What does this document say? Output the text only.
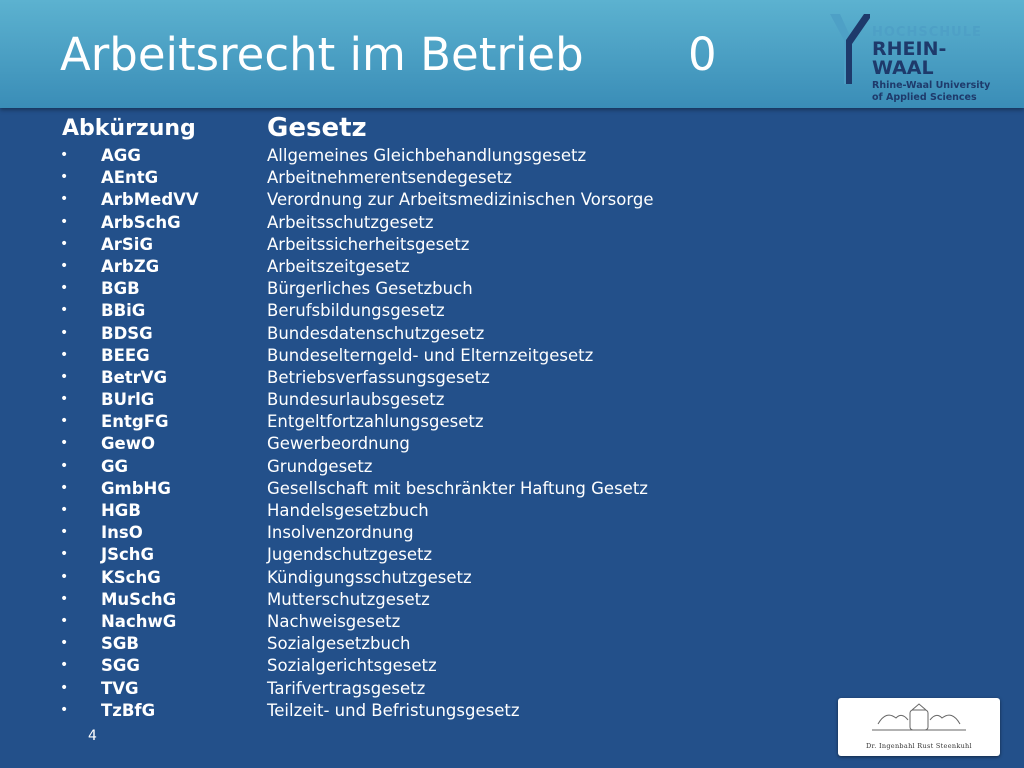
Arbeitsrecht im Betrieb 0	HOCHSCHULE
RHEIN-WAAL
Rhine-Waal University
of Applied Sciences
Abkürzung	Gesetz
• AGG	Allgemeines Gleichbehandlungsgesetz
• AEntG	Arbeitnehmerentsendegesetz
• ArbMedVV	Verordnung zur Arbeitsmedizinischen Vorsorge
• ArbSchG	Arbeitsschutzgesetz
• ArSiG	Arbeitssicherheitsgesetz
• ArbZG	Arbeitszeitgesetz
• BGB	Bürgerliches Gesetzbuch
• BBiG	Berufsbildungsgesetz
• BDSG	Bundesdatenschutzgesetz
• BEEG	Bundeselterngeld- und Elternzeitgesetz
• BetrVG	Betriebsverfassungsgesetz
• BUrlG	Bundesurlaubsgesetz
• EntgFG	Entgeltfortzahlungsgesetz
• GewO	Gewerbeordnung
• GG	Grundgesetz
• GmbHG	Gesellschaft mit beschränkter Haftung Gesetz
• HGB	Handelsgesetzbuch
• InsO	Insolvenzordnung
• JSchG	Jugendschutzgesetz
• KSchG	Kündigungsschutzgesetz
• MuSchG	Mutterschutzgesetz
• NachwG	Nachweisgesetz
• SGB	Sozialgesetzbuch
• SGG	Sozialgerichtsgesetz
• TVG	Tarifvertragsgesetz
• TzBfG	Teilzeit- und Befristungsgesetz
4
Dr. Ingenbahl Rust Steenkuhl
